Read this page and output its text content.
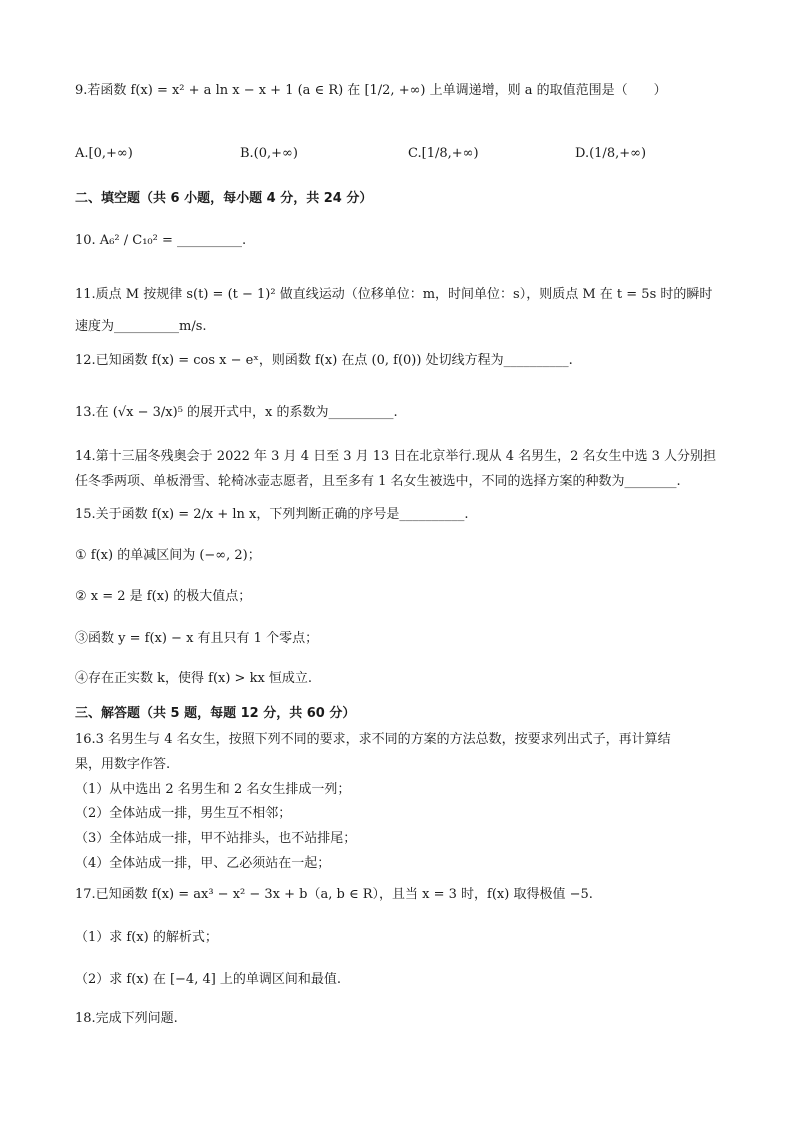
9.若函数 f(x) = x² + a ln x − x + 1 (a ∈ R) 在 [1/2, +∞) 上单调递增，则 a 的取值范围是（　　）
A.[0,+∞)	B.(0,+∞)	C.[1/8,+∞)	D.(1/8,+∞)
二、填空题（共 6 小题，每小题 4 分，共 24 分）
10. A₆² / C₁₀² = __________.
11.质点 M 按规律 s(t) = (t − 1)² 做直线运动（位移单位：m，时间单位：s），则质点 M 在 t = 5s 时的瞬时
速度为__________m/s.
12.已知函数 f(x) = cos x − eˣ，则函数 f(x) 在点 (0, f(0)) 处切线方程为__________.
13.在 (√x − 3/x)⁵ 的展开式中，x 的系数为__________.
14.第十三届冬残奥会于 2022 年 3 月 4 日至 3 月 13 日在北京举行.现从 4 名男生，2 名女生中选 3 人分别担
任冬季两项、单板滑雪、轮椅冰壶志愿者，且至多有 1 名女生被选中，不同的选择方案的种数为________.
15.关于函数 f(x) = 2/x + ln x，下列判断正确的序号是__________.
① f(x) 的单减区间为 (−∞, 2)；
② x = 2 是 f(x) 的极大值点；
③函数 y = f(x) − x 有且只有 1 个零点；
④存在正实数 k，使得 f(x) > kx 恒成立.
三、解答题（共 5 题，每题 12 分，共 60 分）
16.3 名男生与 4 名女生，按照下列不同的要求，求不同的方案的方法总数，按要求列出式子，再计算结
果，用数字作答.
（1）从中选出 2 名男生和 2 名女生排成一列；
（2）全体站成一排，男生互不相邻；
（3）全体站成一排，甲不站排头，也不站排尾；
（4）全体站成一排，甲、乙必须站在一起；
17.已知函数 f(x) = ax³ − x² − 3x + b（a, b ∈ R），且当 x = 3 时，f(x) 取得极值 −5.
（1）求 f(x) 的解析式；
（2）求 f(x) 在 [−4, 4] 上的单调区间和最值.
18.完成下列问题.
